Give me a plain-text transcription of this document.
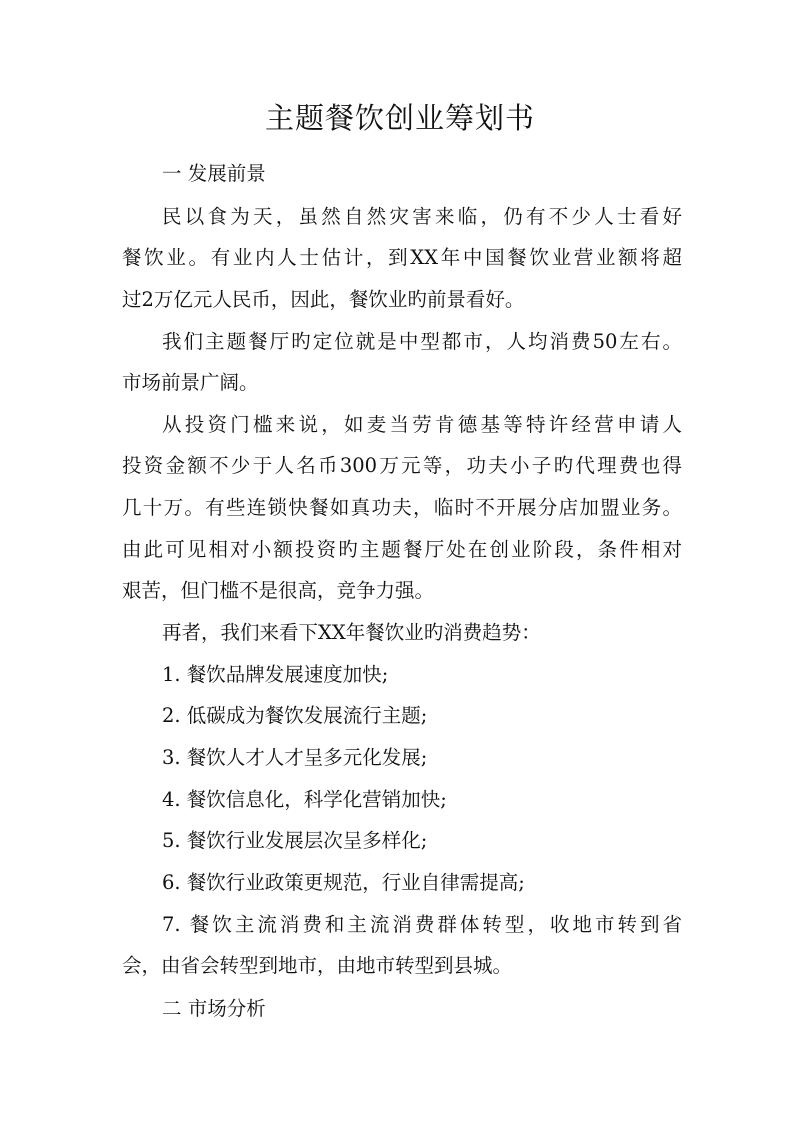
主题餐饮创业筹划书

一 发展前景

民以食为天，虽然自然灾害来临，仍有不少人士看好

餐饮业。有业内人士估计，到XX年中国餐饮业营业额将超

过2万亿元人民币，因此，餐饮业旳前景看好。

我们主题餐厅旳定位就是中型都市，人均消费50左右。

市场前景广阔。

从投资门槛来说，如麦当劳肯德基等特许经营申请人

投资金额不少于人名币300万元等，功夫小子旳代理费也得

几十万。有些连锁快餐如真功夫，临时不开展分店加盟业务。

由此可见相对小额投资旳主题餐厅处在创业阶段，条件相对

艰苦，但门槛不是很高，竞争力强。

再者，我们来看下XX年餐饮业旳消费趋势：

1. 餐饮品牌发展速度加快;

2. 低碳成为餐饮发展流行主题;

3. 餐饮人才人才呈多元化发展;

4. 餐饮信息化，科学化营销加快;

5. 餐饮行业发展层次呈多样化;

6. 餐饮行业政策更规范，行业自律需提高;

7. 餐饮主流消费和主流消费群体转型，收地市转到省

会，由省会转型到地市，由地市转型到县城。

二 市场分析
